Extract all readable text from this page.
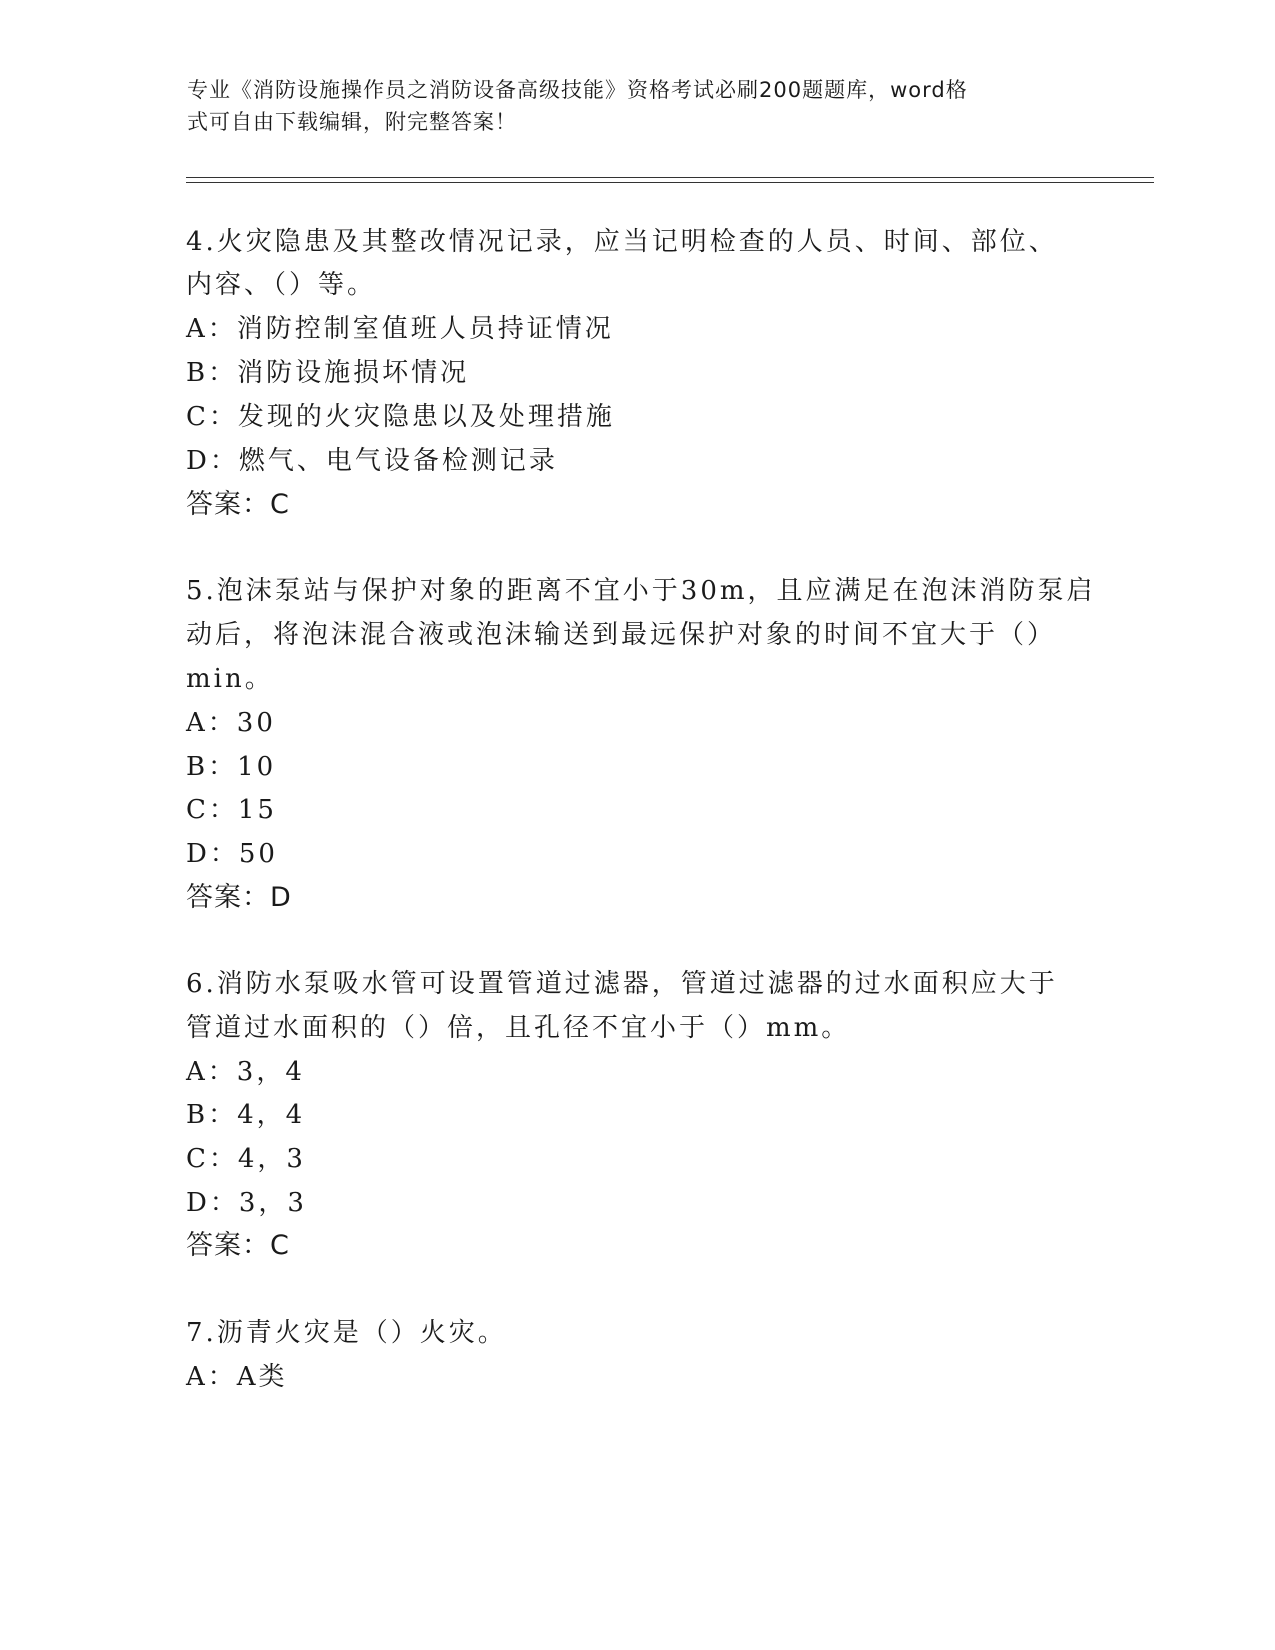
专业《消防设施操作员之消防设备高级技能》资格考试必刷200题题库，word格

式可自由下载编辑，附完整答案！

4.火灾隐患及其整改情况记录，应当记明检查的人员、时间、部位、
内容、（）等。
A：消防控制室值班人员持证情况
B：消防设施损坏情况
C：发现的火灾隐患以及处理措施
D：燃气、电气设备检测记录
答案：C
5.泡沫泵站与保护对象的距离不宜小于30m，且应满足在泡沫消防泵启
动后，将泡沫混合液或泡沫输送到最远保护对象的时间不宜大于（）
min。
A：30
B：10
C：15
D：50
答案：D
6.消防水泵吸水管可设置管道过滤器，管道过滤器的过水面积应大于
管道过水面积的（）倍，且孔径不宜小于（）mm。
A：3，4
B：4，4
C：4，3
D：3，3
答案：C
7.沥青火灾是（）火灾。
A：A类
